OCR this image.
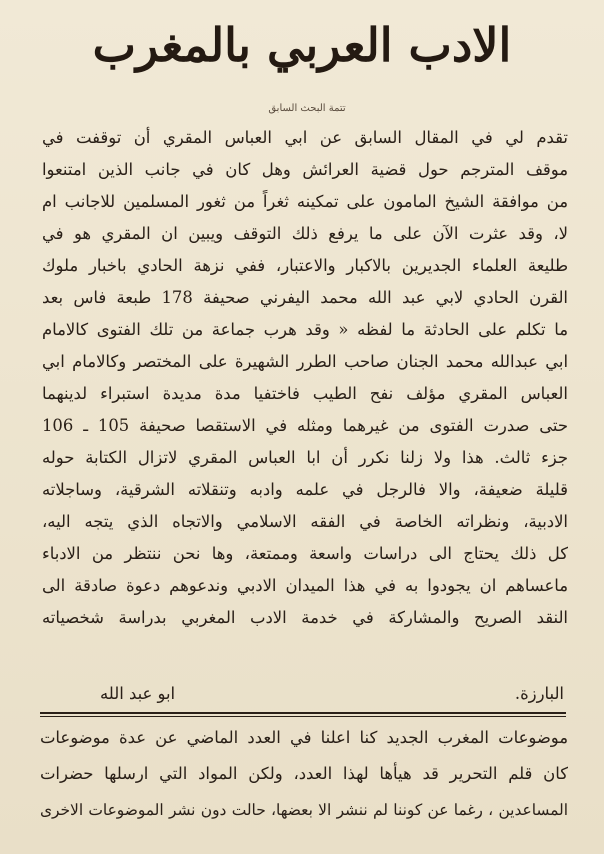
الادب العربي بالمغرب
تتمة البحث السابق
تقدم لي في المقال السابق عن ابي العباس المقري أن توقفت في
موقف المترجم حول قضية العرائش وهل كان في جانب الذين امتنعوا
من موافقة الشيخ المامون على تمكينه ثغراً من ثغور المسلمين للاجانب ام
لا، وقد عثرت الآن على ما يرفع ذلك التوقف ويبين ان المقري هو في
طليعة العلماء الجديرين بالاكبار والاعتبار، ففي نزهة الحادي باخبار ملوك
القرن الحادي لابي عبد الله محمد اليفرني صحيفة 178 طبعة فاس بعد
ما تكلم على الحادثة ما لفظه « وقد هرب جماعة من تلك الفتوى كالامام
ابي عبدالله محمد الجنان صاحب الطرر الشهيرة على المختصر وكالامام ابي
العباس المقري مؤلف نفح الطيب فاختفيا مدة مديدة استبراء لدينهما
حتى صدرت الفتوى من غيرهما ومثله في الاستقصا صحيفة 105 ـ 106
جزء ثالث. هذا ولا زلنا نكرر أن ابا العباس المقري لاتزال الكتابة حوله
قليلة ضعيفة، والا فالرجل في علمه وادبه وتنقلاته الشرقية، وساجلاته
الادبية، ونظراته الخاصة في الفقه الاسلامي والاتجاه الذي يتجه اليه،
كل ذلك يحتاج الى دراسات واسعة وممتعة، وها نحن ننتظر من الادباء
ماعساهم ان يجودوا به في هذا الميدان الادبي وندعوهم دعوة صادقة الى
النقد الصريح والمشاركة في خدمة الادب المغربي بدراسة شخصياته
البارزة.
ابو عبد الله
موضوعات المغرب الجديد كنا اعلنا في العدد الماضي عن عدة موضوعات
كان قلم التحرير قد هيأها لهذا العدد، ولكن المواد التي ارسلها حضرات
المساعدين ، رغما عن كوننا لم ننشر الا بعضها، حالت دون نشر الموضوعات الاخرى
